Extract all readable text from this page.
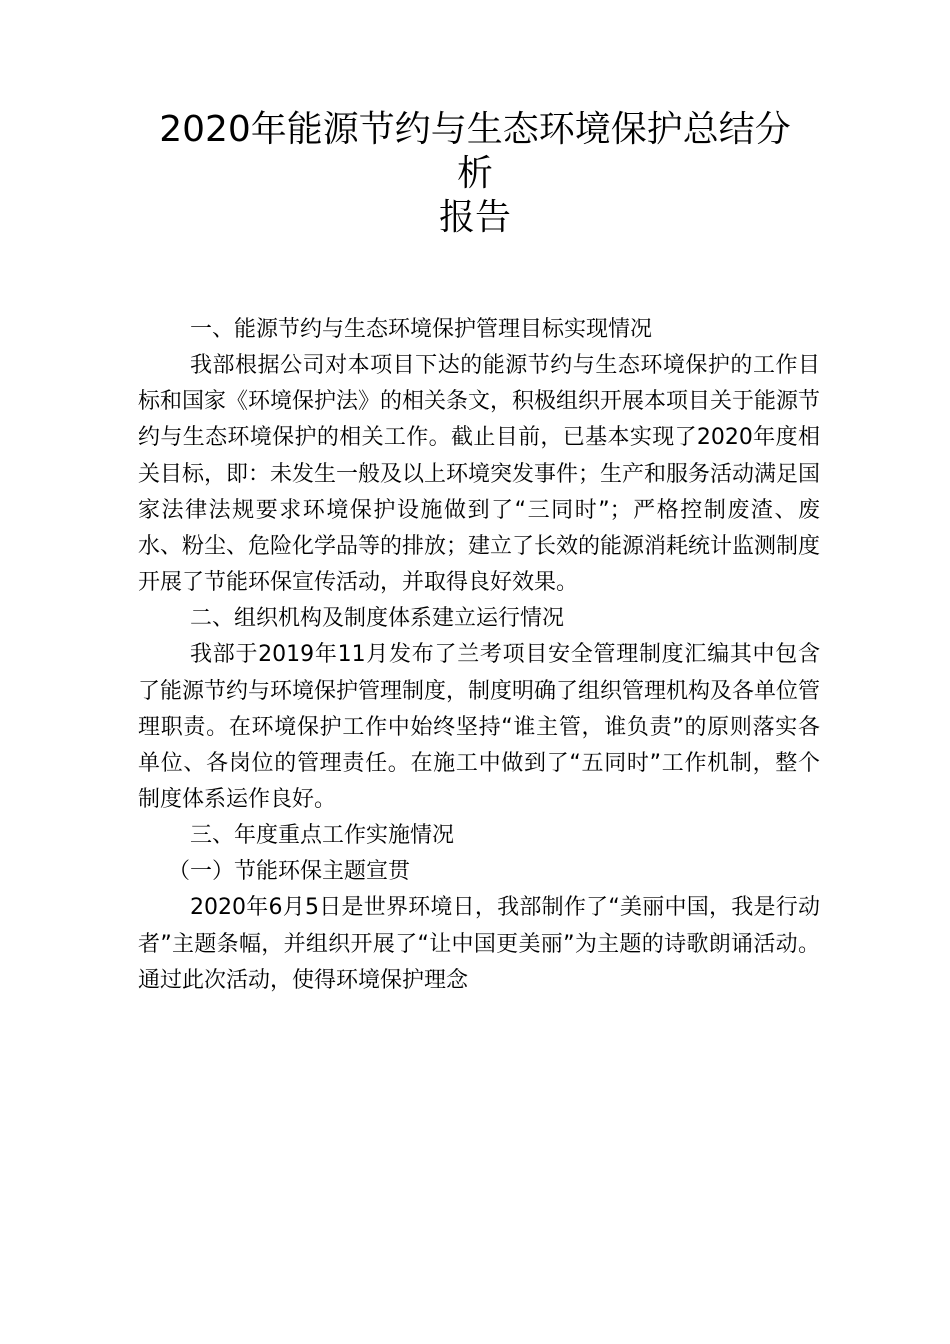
2020年能源节约与生态环境保护总结分
析
报告

一、能源节约与生态环境保护管理目标实现情况

我部根据公司对本项目下达的能源节约与生态环境保护的工作目标和国家《环境保护法》的相关条文，积极组织开展本项目关于能源节约与生态环境保护的相关工作。截止目前，已基本实现了2020年度相关目标，即：未发生一般及以上环境突发事件；生产和服务活动满足国家法律法规要求环境保护设施做到了“三同时”；严格控制废渣、废水、粉尘、危险化学品等的排放；建立了长效的能源消耗统计监测制度开展了节能环保宣传活动，并取得良好效果。

二、组织机构及制度体系建立运行情况

我部于2019年11月发布了兰考项目安全管理制度汇编其中包含了能源节约与环境保护管理制度，制度明确了组织管理机构及各单位管理职责。在环境保护工作中始终坚持“谁主管，谁负责”的原则落实各单位、各岗位的管理责任。在施工中做到了“五同时”工作机制，整个制度体系运作良好。

三、年度重点工作实施情况

（一）节能环保主题宣贯

2020年6月5日是世界环境日，我部制作了“美丽中国，我是行动者”主题条幅，并组织开展了“让中国更美丽”为主题的诗歌朗诵活动。通过此次活动，使得环境保护理念
